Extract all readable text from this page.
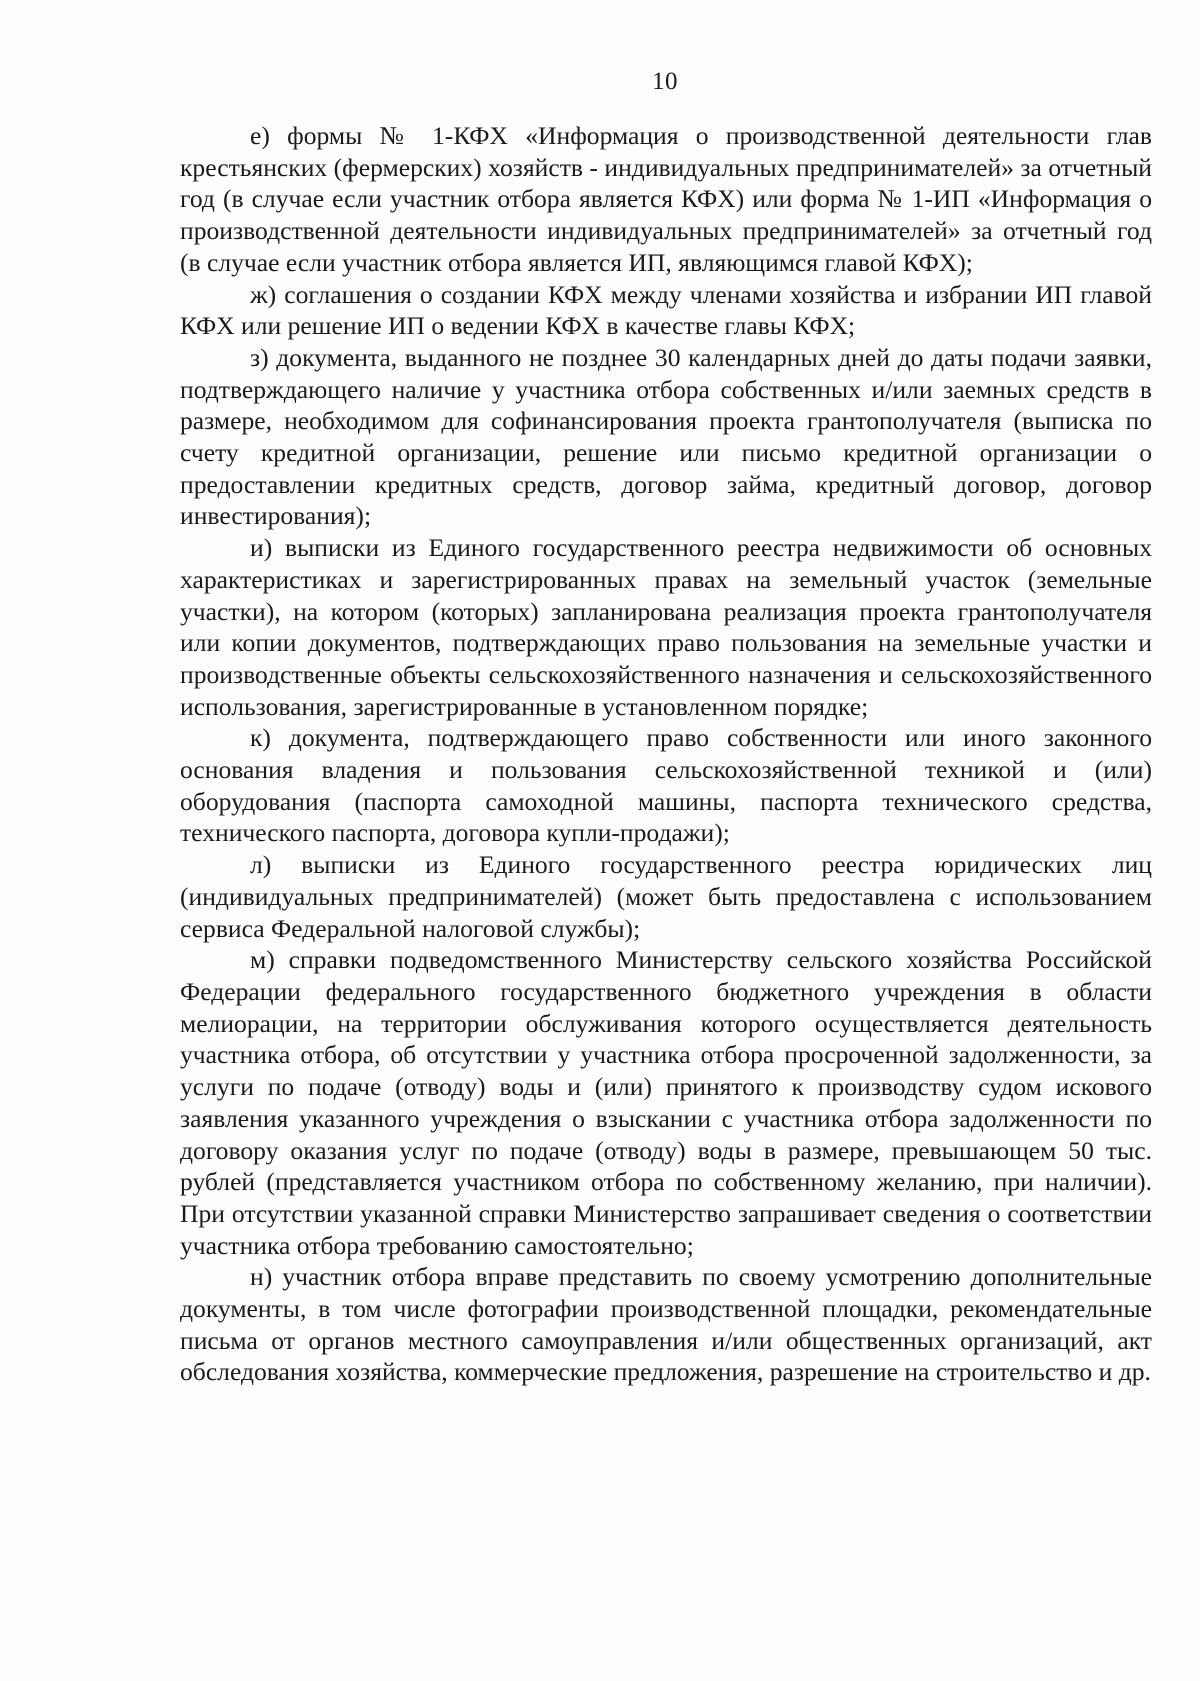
10

е) формы № 1-КФХ «Информация о производственной деятельности глав крестьянских (фермерских) хозяйств - индивидуальных предпринимателей» за отчетный год (в случае если участник отбора является КФХ) или форма № 1-ИП «Информация о производственной деятельности индивидуальных предпринимателей» за отчетный год (в случае если участник отбора является ИП, являющимся главой КФХ);

ж) соглашения о создании КФХ между членами хозяйства и избрании ИП главой КФХ или решение ИП о ведении КФХ в качестве главы КФХ;

з) документа, выданного не позднее 30 календарных дней до даты подачи заявки, подтверждающего наличие у участника отбора собственных и/или заемных средств в размере, необходимом для софинансирования проекта грантополучателя (выписка по счету кредитной организации, решение или письмо кредитной организации о предоставлении кредитных средств, договор займа, кредитный договор, договор инвестирования);

и) выписки из Единого государственного реестра недвижимости об основных характеристиках и зарегистрированных правах на земельный участок (земельные участки), на котором (которых) запланирована реализация проекта грантополучателя или копии документов, подтверждающих право пользования на земельные участки и производственные объекты сельскохозяйственного назначения и сельскохозяйственного использования, зарегистрированные в установленном порядке;

к) документа, подтверждающего право собственности или иного законного основания владения и пользования сельскохозяйственной техникой и (или) оборудования (паспорта самоходной машины, паспорта технического средства, технического паспорта, договора купли-продажи);

л) выписки из Единого государственного реестра юридических лиц (индивидуальных предпринимателей) (может быть предоставлена с использованием сервиса Федеральной налоговой службы);

м) справки подведомственного Министерству сельского хозяйства Российской Федерации федерального государственного бюджетного учреждения в области мелиорации, на территории обслуживания которого осуществляется деятельность участника отбора, об отсутствии у участника отбора просроченной задолженности, за услуги по подаче (отводу) воды и (или) принятого к производству судом искового заявления указанного учреждения о взыскании с участника отбора задолженности по договору оказания услуг по подаче (отводу) воды в размере, превышающем 50 тыс. рублей (представляется участником отбора по собственному желанию, при наличии). При отсутствии указанной справки Министерство запрашивает сведения о соответствии участника отбора требованию самостоятельно;

н) участник отбора вправе представить по своему усмотрению дополнительные документы, в том числе фотографии производственной площадки, рекомендательные письма от органов местного самоуправления и/или общественных организаций, акт обследования хозяйства, коммерческие предложения, разрешение на строительство и др.
